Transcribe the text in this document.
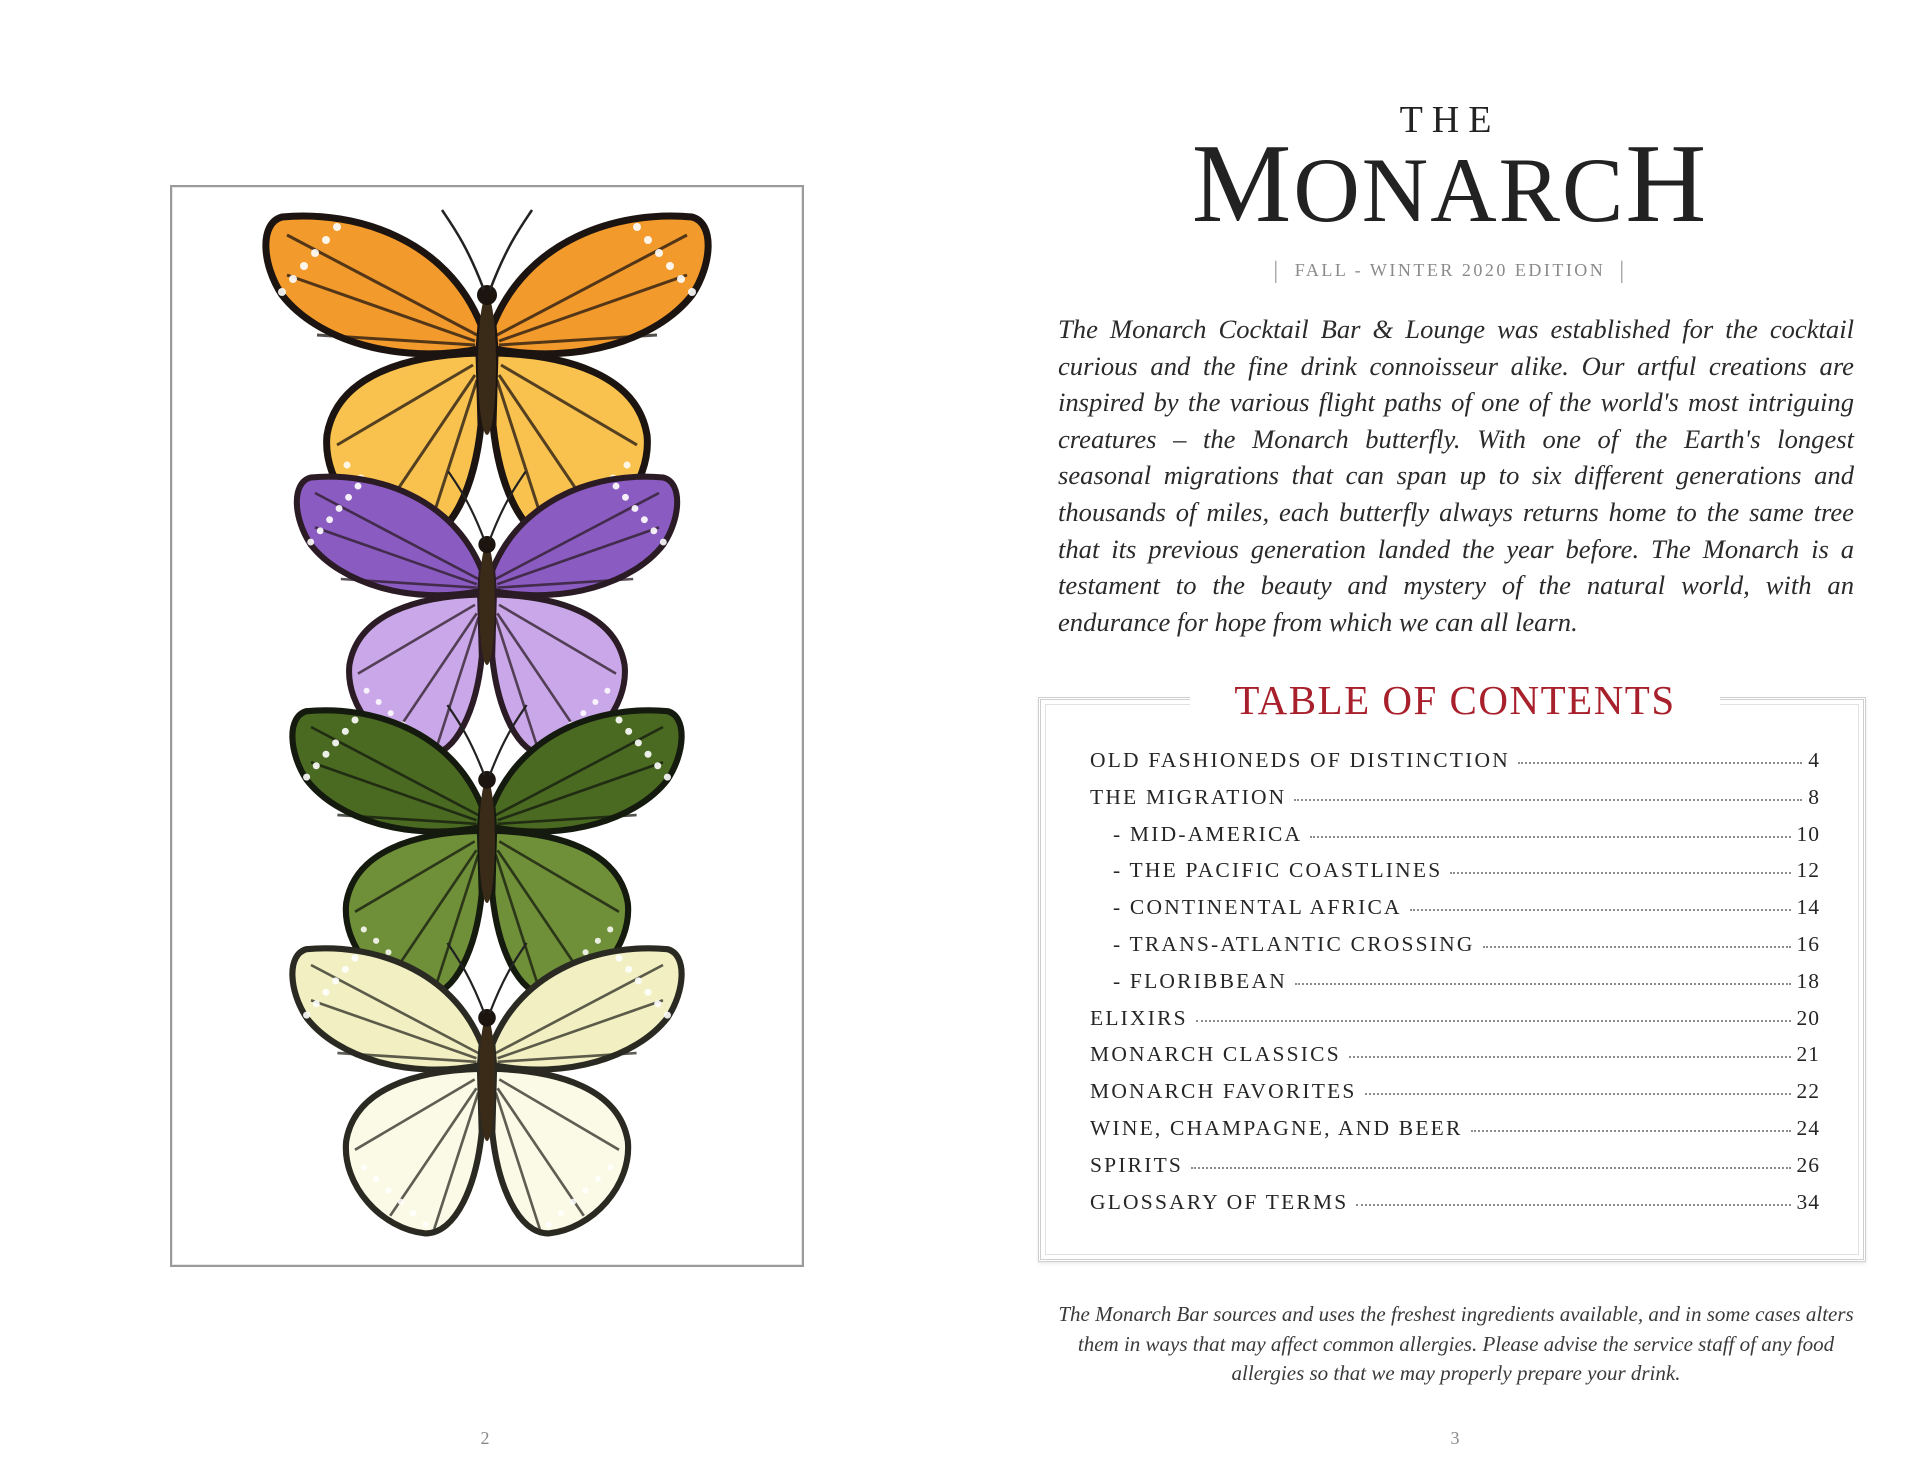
2
THE
MONARCH
| FALL - WINTER 2020 EDITION |
The Monarch Cocktail Bar & Lounge was established for the cocktail curious and the fine drink connoisseur alike. Our artful creations are inspired by the various flight paths of one of the world's most intriguing creatures – the Monarch butterfly. With one of the Earth's longest seasonal migrations that can span up to six different generations and thousands of miles, each butterfly always returns home to the same tree that its previous generation landed the year before. The Monarch is a testament to the beauty and mystery of the natural world, with an endurance for hope from which we can all learn.
TABLE OF CONTENTS
OLD FASHIONEDS OF DISTINCTION	4
THE MIGRATION	8
- MID-AMERICA	10
- THE PACIFIC COASTLINES	12
- CONTINENTAL AFRICA	14
- TRANS-ATLANTIC CROSSING	16
- FLORIBBEAN	18
ELIXIRS	20
MONARCH CLASSICS	21
MONARCH FAVORITES	22
WINE, CHAMPAGNE, AND BEER	24
SPIRITS	26
GLOSSARY OF TERMS	34
The Monarch Bar sources and uses the freshest ingredients available, and in some cases alters them in ways that may affect common allergies. Please advise the service staff of any food allergies so that we may properly prepare your drink.
3
